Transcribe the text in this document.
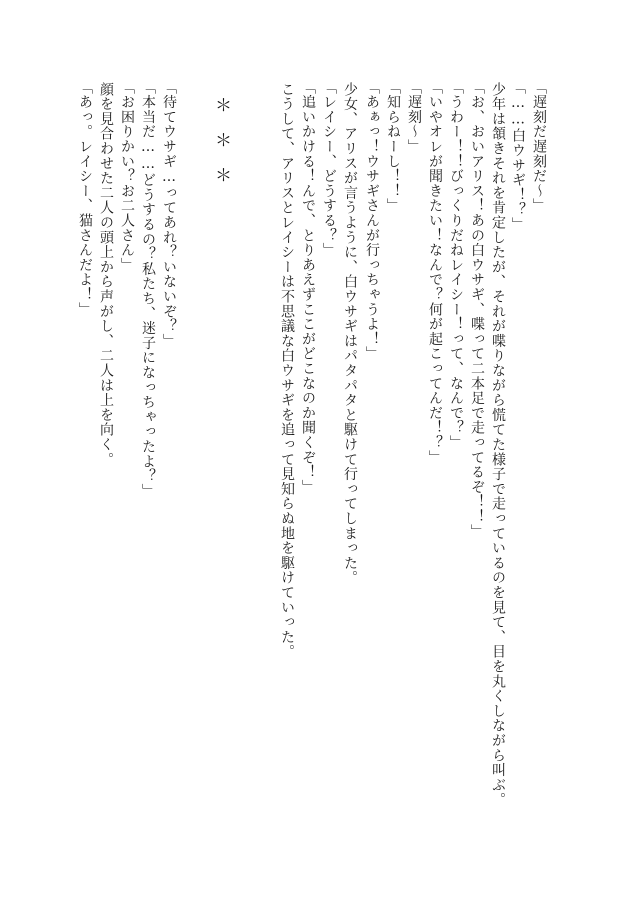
「遅刻だ遅刻だ〜」
「……白ウサギ！？」
少年は頷きそれを肯定したが、それが喋りながら慌てた様子で走っているのを見て、目を丸くしながら叫ぶ。
「お、おいアリス！あの白ウサギ、喋って二本足で走ってるぞ！！」
「うわー！！びっくりだねレイシー！って、なんで？」
「いやオレが聞きたい！なんで？何が起こってんだ！？」
「遅刻〜」
「知らねーし！！」
「あぁっ！ウサギさんが行っちゃうよ！」
少女、アリスが言うように、白ウサギはパタパタと駆けて行ってしまった。
「レイシー、どうする？」
「追いかける！んで、とりあえずここがどこなのか聞くぞ！」
こうして、アリスとレイシーは不思議な白ウサギを追って見知らぬ地を駆けていった。
＊＊＊
「待てウサギ…ってあれ？いないぞ？」
「本当だ……どうするの？私たち、迷子になっちゃったよ？」
「お困りかい？お二人さん」
顔を見合わせた二人の頭上から声がし、二人は上を向く。
「あっ。レイシー、猫さんだよ！」
